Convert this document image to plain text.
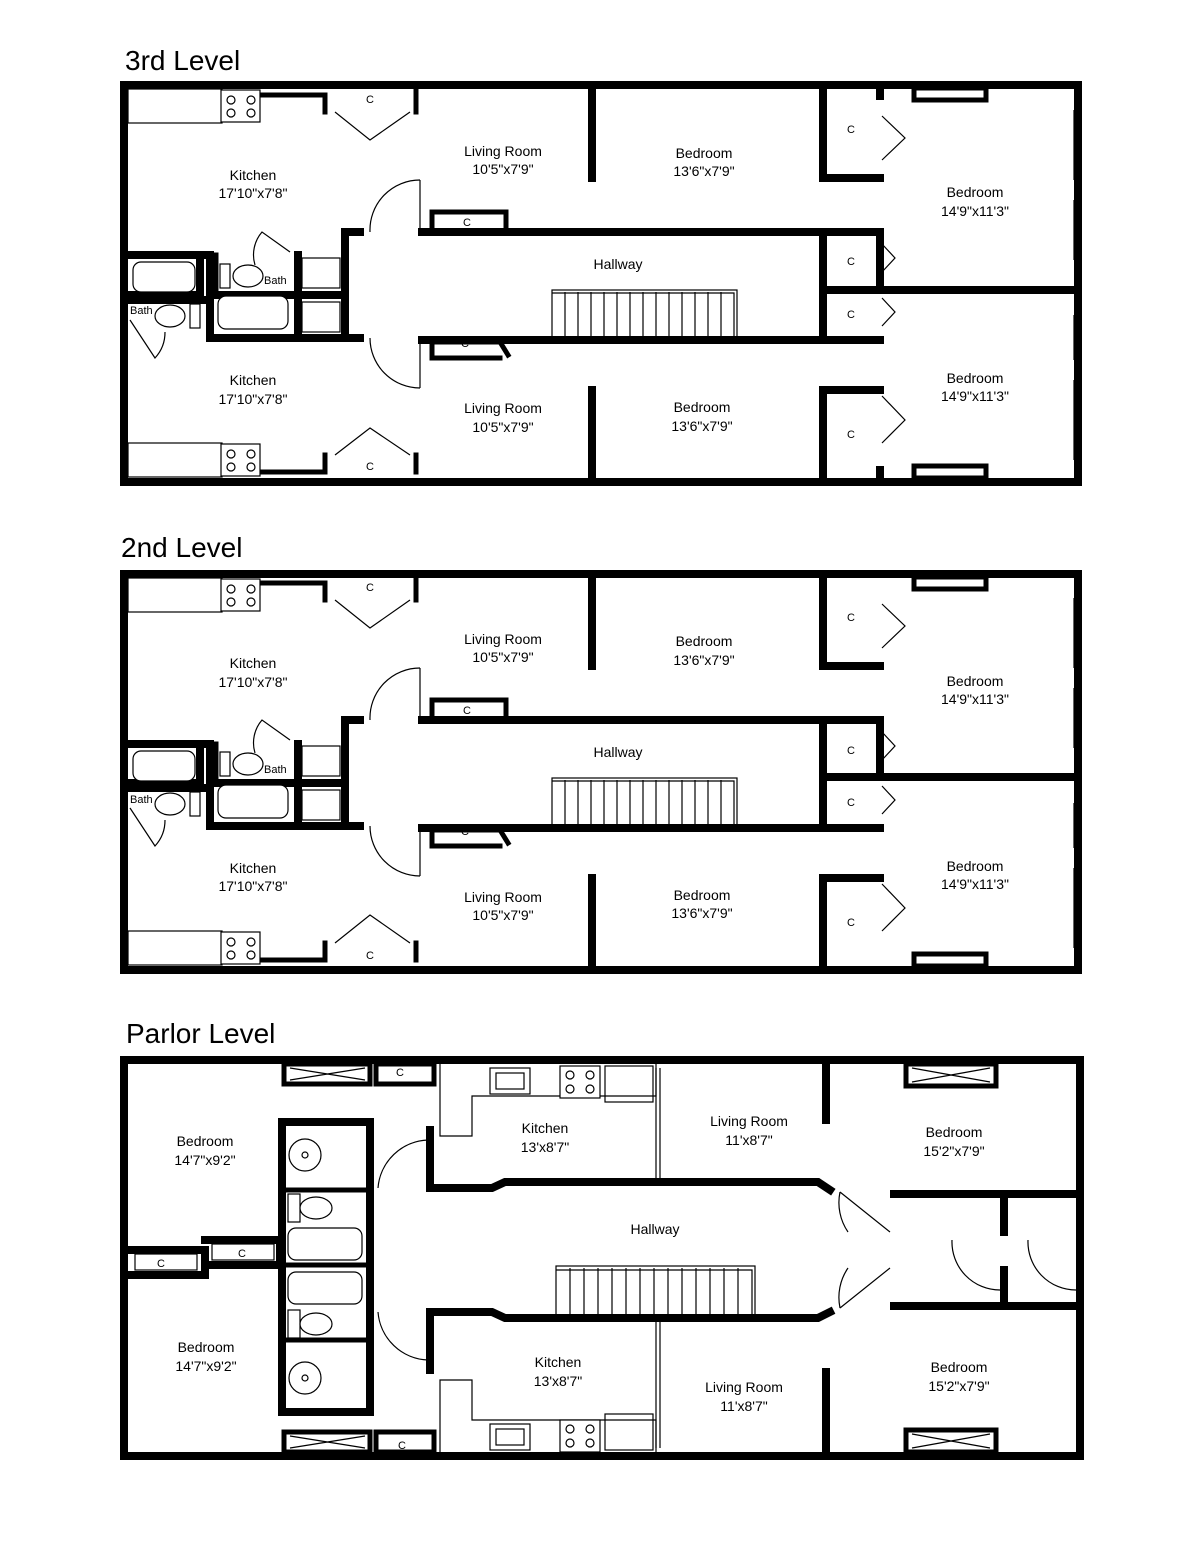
3rd Level
Bath
Bath
C
C
C
C
C
C
C
C
Kitchen
17'10"x7'8"
Living Room
10'5"x7'9"
Bedroom
13'6"x7'9"
Bedroom
14'9"x11'3"
Hallway
Kitchen
17'10"x7'8"
Living Room
10'5"x7'9"
Bedroom
13'6"x7'9"
Bedroom
14'9"x11'3"
2nd Level
Bath
Bath
C
C
C
C
C
C
C
C
Kitchen
17'10"x7'8"
Living Room
10'5"x7'9"
Bedroom
13'6"x7'9"
Bedroom
14'9"x11'3"
Hallway
Kitchen
17'10"x7'8"
Living Room
10'5"x7'9"
Bedroom
13'6"x7'9"
Bedroom
14'9"x11'3"
Parlor Level
C
C
C
C
Bedroom
14'7"x9'2"
Kitchen
13'x8'7"
Living Room
11'x8'7"	Bedroom
15'2"x7'9"
Hallway
Bedroom
14'7"x9'2"	Kitchen
13'x8'7"	Living Room
11'x8'7"
Bedroom
15'2"x7'9"
